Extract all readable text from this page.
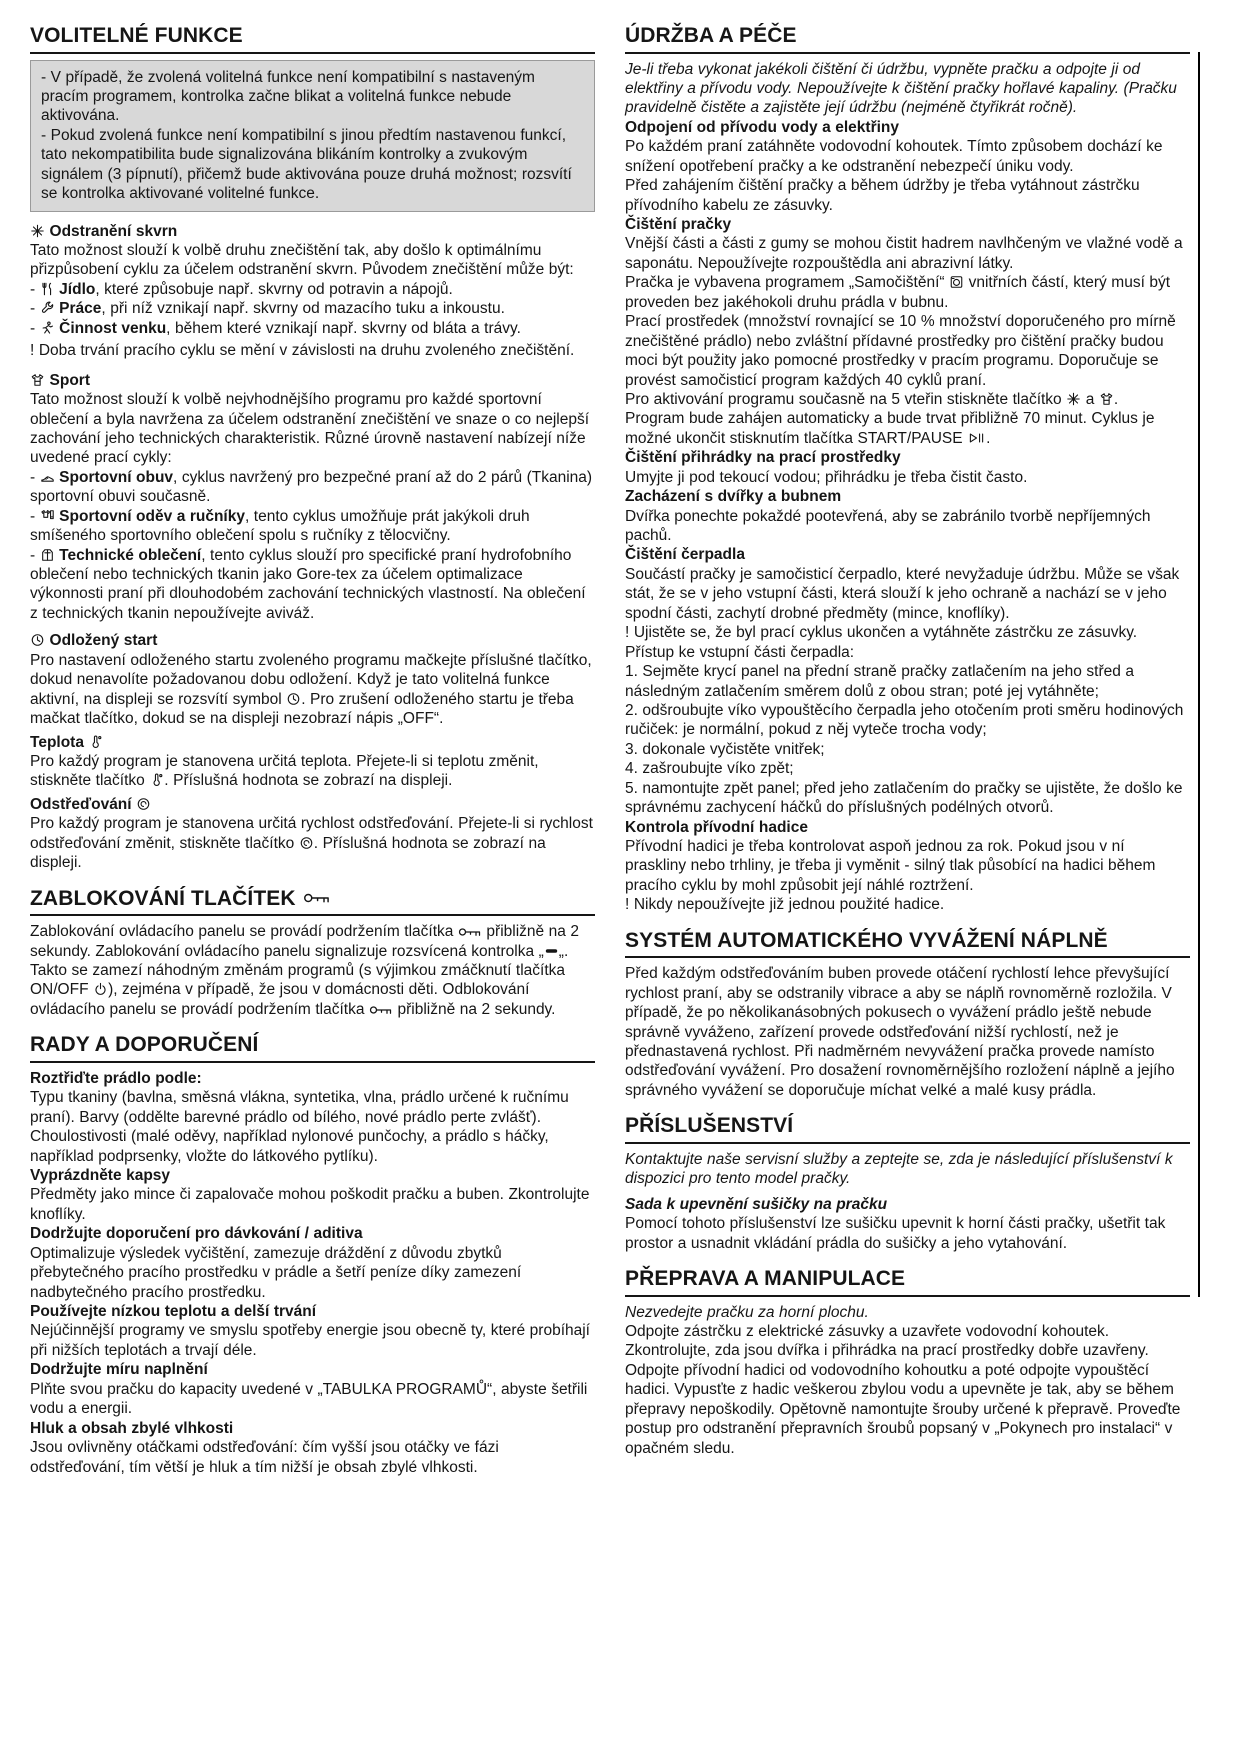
VOLITELNÉ FUNKCE

- V případě, že zvolená volitelná funkce není kompatibilní s nastaveným pracím programem, kontrolka začne blikat a volitelná funkce nebude aktivována.

- Pokud zvolená funkce není kompatibilní s jinou předtím nastavenou funkcí, tato nekompatibilita bude signalizována blikáním kontrolky a zvukovým signálem (3 pípnutí), přičemž bude aktivována pouze druhá možnost; rozsvítí se kontrolka aktivované volitelné funkce.

Odstranění skvrn

Tato možnost slouží k volbě druhu znečištění tak, aby došlo k optimálnímu přizpůsobení cyklu za účelem odstranění skvrn. Původem znečištění může být:

-  Jídlo, které způsobuje např. skvrny od potravin a nápojů.

-  Práce, při níž vznikají např. skvrny od mazacího tuku a inkoustu.

-  Činnost venku, během které vznikají např. skvrny od bláta a trávy.

! Doba trvání pracího cyklu se mění v závislosti na druhu zvoleného znečištění.

Sport

Tato možnost slouží k volbě nejvhodnějšího programu pro každé sportovní oblečení a byla navržena za účelem odstranění znečištění ve snaze o co nejlepší zachování jeho technických charakteristik. Různé úrovně nastavení nabízejí níže uvedené prací cykly:

-  Sportovní obuv, cyklus navržený pro bezpečné praní až do 2 párů (Tkanina) sportovní obuvi současně.

-  Sportovní oděv a ručníky, tento cyklus umožňuje prát jakýkoli druh smíšeného sportovního oblečení spolu s ručníky z tělocvičny.

-  Technické oblečení, tento cyklus slouží pro specifické praní hydrofobního oblečení nebo technických tkanin jako Gore-tex za účelem optimalizace výkonnosti praní při dlouhodobém zachování technických vlastností. Na oblečení z technických tkanin nepoužívejte aviváž.

Odložený start

Pro nastavení odloženého startu zvoleného programu mačkejte příslušné tlačítko, dokud nenavolíte požadovanou dobu odložení. Když je tato volitelná funkce aktivní, na displeji se rozsvítí symbol . Pro zrušení odloženého startu je třeba mačkat tlačítko, dokud se na displeji nezobrazí nápis „OFF“.

Teplota

Pro každý program je stanovena určitá teplota. Přejete-li si teplotu změnit, stiskněte tlačítko . Příslušná hodnota se zobrazí na displeji.

Odstřeďování

Pro každý program je stanovena určitá rychlost odstřeďování. Přejete-li si rychlost odstřeďování změnit, stiskněte tlačítko . Příslušná hodnota se zobrazí na displeji.

ZABLOKOVÁNÍ TLAČÍTEK

Zablokování ovládacího panelu se provádí podržením tlačítka  přibližně na 2 sekundy. Zablokování ovládacího panelu signalizuje rozsvícená kontrolka „ „. Takto se zamezí náhodným změnám programů (s výjimkou zmáčknutí tlačítka ON/OFF ), zejména v případě, že jsou v domácnosti děti. Odblokování ovládacího panelu se provádí podržením tlačítka  přibližně na 2 sekundy.

RADY A DOPORUČENÍ

Roztřiďte prádlo podle:

Typu tkaniny (bavlna, směsná vlákna, syntetika, vlna, prádlo určené k ručnímu praní). Barvy (oddělte barevné prádlo od bílého, nové prádlo perte zvlášť). Choulostivosti (malé oděvy, například nylonové punčochy, a prádlo s háčky, například podprsenky, vložte do látkového pytlíku).

Vyprázdněte kapsy

Předměty jako mince či zapalovače mohou poškodit pračku a buben. Zkontrolujte knoflíky.

Dodržujte doporučení pro dávkování / aditiva

Optimalizuje výsledek vyčištění, zamezuje dráždění z důvodu zbytků přebytečného pracího prostředku v prádle a šetří peníze díky zamezení nadbytečného pracího prostředku.

Používejte nízkou teplotu a delší trvání

Nejúčinnější programy ve smyslu spotřeby energie jsou obecně ty, které probíhají při nižších teplotách a trvají déle.

Dodržujte míru naplnění

Plňte svou pračku do kapacity uvedené v „TABULKA PROGRAMŮ“, abyste šetřili vodu a energii.

Hluk a obsah zbylé vlhkosti

Jsou ovlivněny otáčkami odstřeďování: čím vyšší jsou otáčky ve fázi odstřeďování, tím větší je hluk a tím nižší je obsah zbylé vlhkosti.

ÚDRŽBA A PÉČE

Je-li třeba vykonat jakékoli čištění či údržbu, vypněte pračku a odpojte ji od elektřiny a přívodu vody. Nepoužívejte k čištění pračky hořlavé kapaliny. (Pračku pravidelně čistěte a zajistěte její údržbu (nejméně čtyřikrát ročně).

Odpojení od přívodu vody a elektřiny

Po každém praní zatáhněte vodovodní kohoutek. Tímto způsobem dochází ke snížení opotřebení pračky a ke odstranění nebezpečí úniku vody.

Před zahájením čištění pračky a během údržby je třeba vytáhnout zástrčku přívodního kabelu ze zásuvky.

Čištění pračky

Vnější části a části z gumy se mohou čistit hadrem navlhčeným ve vlažné vodě a saponátu. Nepoužívejte rozpouštědla ani abrazivní látky.

Pračka je vybavena programem „Samočištění“  vnitřních částí, který musí být proveden bez jakéhokoli druhu prádla v bubnu.

Prací prostředek (množství rovnající se 10 % množství doporučeného pro mírně znečištěné prádlo) nebo zvláštní přídavné prostředky pro čištění pračky budou moci být použity jako pomocné prostředky v pracím programu. Doporučuje se provést samočisticí program každých 40 cyklů praní.

Pro aktivování programu současně na 5 vteřin stiskněte tlačítko  a .

Program bude zahájen automaticky a bude trvat přibližně 70 minut. Cyklus je možné ukončit stisknutím tlačítka START/PAUSE .

Čištění přihrádky na prací prostředky

Umyjte ji pod tekoucí vodou; přihrádku je třeba čistit často.

Zacházení s dvířky a bubnem

Dvířka ponechte pokaždé pootevřená, aby se zabránilo tvorbě nepříjemných pachů.

Čištění čerpadla

Součástí pračky je samočisticí čerpadlo, které nevyžaduje údržbu. Může se však stát, že se v jeho vstupní části, která slouží k jeho ochraně a nachází se v jeho spodní části, zachytí drobné předměty (mince, knoflíky).

! Ujistěte se, že byl prací cyklus ukončen a vytáhněte zástrčku ze zásuvky.

Přístup ke vstupní části čerpadla:

1. Sejměte krycí panel na přední straně pračky zatlačením na jeho střed a následným zatlačením směrem dolů z obou stran; poté jej vytáhněte;

2. odšroubujte víko vypouštěcího čerpadla jeho otočením proti směru hodinových ručiček: je normální, pokud z něj vyteče trocha vody;

3. dokonale vyčistěte vnitřek;

4. zašroubujte víko zpět;

5. namontujte zpět panel; před jeho zatlačením do pračky se ujistěte, že došlo ke správnému zachycení háčků do příslušných podélných otvorů.

Kontrola přívodní hadice

Přívodní hadici je třeba kontrolovat aspoň jednou za rok. Pokud jsou v ní praskliny nebo trhliny, je třeba ji vyměnit - silný tlak působící na hadici během pracího cyklu by mohl způsobit její náhlé roztržení.

! Nikdy nepoužívejte již jednou použité hadice.

SYSTÉM AUTOMATICKÉHO VYVÁŽENÍ NÁPLNĚ

Před každým odstřeďováním buben provede otáčení rychlostí lehce převyšující rychlost praní, aby se odstranily vibrace a aby se náplň rovnoměrně rozložila. V případě, že po několikanásobných pokusech o vyvážení prádlo ještě nebude správně vyváženo, zařízení provede odstřeďování nižší rychlostí, než je přednastavená rychlost. Při nadměrném nevyvážení pračka provede namísto odstřeďování vyvážení. Pro dosažení rovnoměrnějšího rozložení náplně a jejího správného vyvážení se doporučuje míchat velké a malé kusy prádla.

PŘÍSLUŠENSTVÍ

Kontaktujte naše servisní služby a zeptejte se, zda je následující příslušenství k dispozici pro tento model pračky.

Sada k upevnění sušičky na pračku

Pomocí tohoto příslušenství lze sušičku upevnit k horní části pračky, ušetřit tak prostor a usnadnit vkládání prádla do sušičky a jeho vytahování.

PŘEPRAVA A MANIPULACE

Nezvedejte pračku za horní plochu.

Odpojte zástrčku z elektrické zásuvky a uzavřete vodovodní kohoutek. Zkontrolujte, zda jsou dvířka i přihrádka na prací prostředky dobře uzavřeny. Odpojte přívodní hadici od vodovodního kohoutku a poté odpojte vypouštěcí hadici. Vypusťte z hadic veškerou zbylou vodu a upevněte je tak, aby se během přepravy nepoškodily. Opětovně namontujte šrouby určené k přepravě. Proveďte postup pro odstranění přepravních šroubů popsaný v „Pokynech pro instalaci“ v opačném sledu.
